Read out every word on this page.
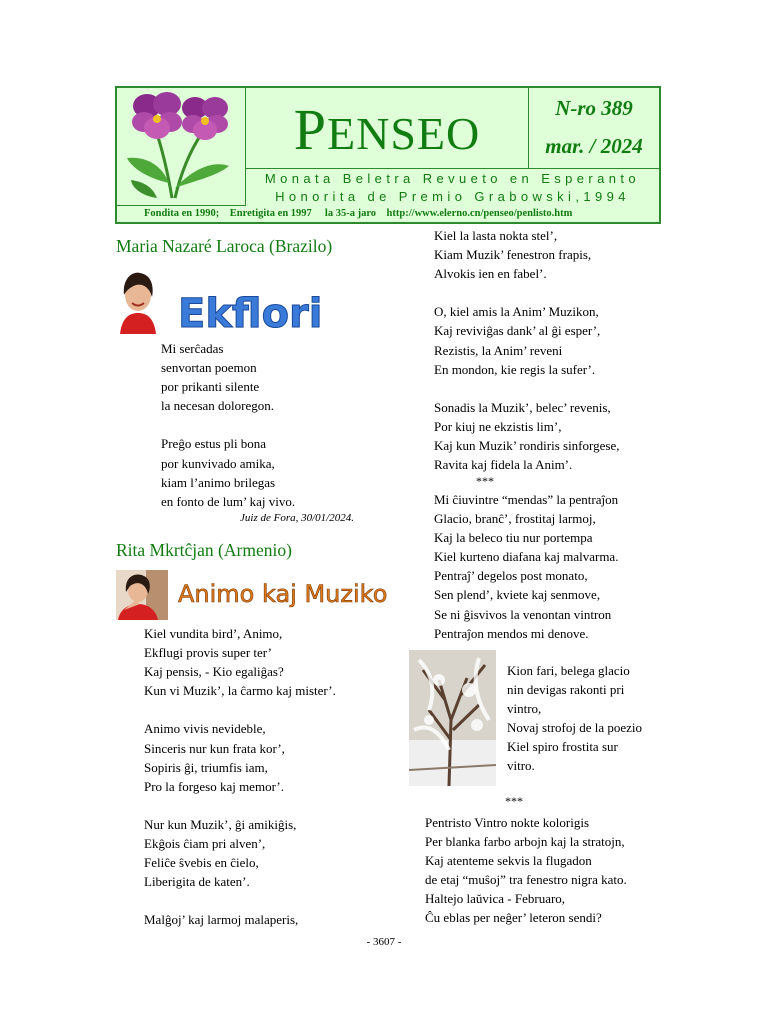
PENSEO	N-ro 389
mar. / 2024
Monata Beletra Revueto en Esperanto
Honorita de Premio Grabowski,1994
Fondita en 1990;    Enretigita en 1997     la 35-a jaro    http://www.elerno.cn/penseo/penlisto.htm
Maria Nazaré Laroca (Brazilo)
Ekflori

Mi serĉadas

senvortan poemon

por prikanti silente

la necesan doloregon.

Preĝo estus pli bona

por kunvivado amika,

kiam l’animo brilegas

en fonto de lum’ kaj vivo.

Juiz de Fora, 30/01/2024.
Rita Mkrtĉjan (Armenio)
Animo kaj Muziko

Kiel vundita bird’, Animo,

Ekflugi provis super ter’

Kaj pensis, - Kio egaliĝas?

Kun vi Muzik’, la ĉarmo kaj mister’.

Animo vivis nevideble,

Sinceris nur kun frata kor’,

Sopiris ĝi, triumfis iam,

Pro la forgeso kaj memor’.

Nur kun Muzik’, ĝi amikiĝis,

Ekĝois ĉiam pri alven’,

Feliĉe ŝvebis en ĉielo,

Liberigita de katen’.

Malĝoj’ kaj larmoj malaperis,

Kiel la lasta nokta stel’,

Kiam Muzik’ fenestron frapis,

Alvokis ien en fabel’.

O, kiel amis la Anim’ Muzikon,

Kaj reviviĝas dank’ al ĝi esper’,

Rezistis, la Anim’ reveni

En mondon, kie regis la sufer’.

Sonadis la Muzik’, belec’ revenis,

Por kiuj ne ekzistis lim’,

Kaj kun Muzik’ rondiris sinforgese,

Ravita kaj fidela la Anim’.

***

Mi ĉiuvintre “mendas” la pentraĵon

Glacio, branĉ’, frostitaj larmoj,

Kaj la beleco tiu nur portempa

Kiel kurteno diafana kaj malvarma.

Pentraĵ’ degelos post monato,

Sen plend’, kviete kaj senmove,

Se ni ĝisvivos la venontan vintron

Pentraĵon mendos mi denove.

Kion fari, belega glacio

nin devigas rakonti pri

vintro,

Novaj strofoj de la poezio

Kiel spiro frostita sur

vitro.

***

Pentristo Vintro nokte kolorigis

Per blanka farbo arbojn kaj la stratojn,

Kaj atenteme sekvis la flugadon

de etaj “muŝoj” tra fenestro nigra kato.

Haltejo laŭvica - Februaro,

Ĉu eblas per neĝer’ leteron sendi?

- 3607 -
